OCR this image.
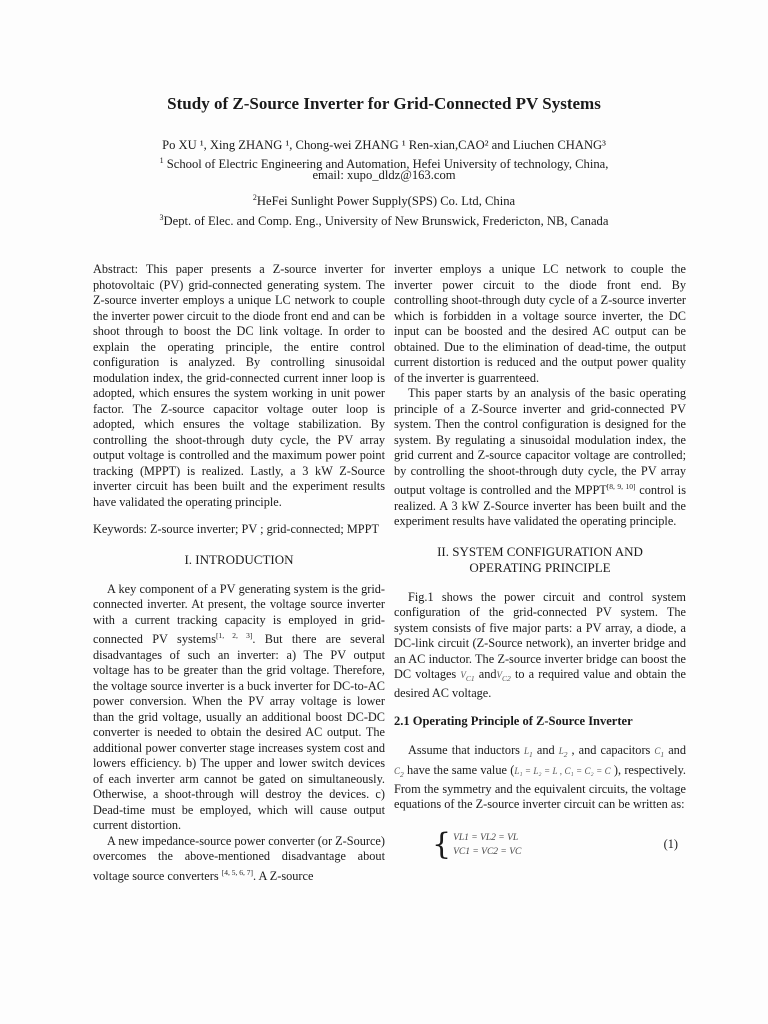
Study of Z-Source Inverter for Grid-Connected PV Systems
Po XU ¹, Xing ZHANG ¹, Chong-wei ZHANG ¹ Ren-xian,CAO² and Liuchen CHANG³
$^1$ School of Electric Engineering and Automation, Hefei University of technology, China,
email: xupo_dldz@163.com
$^2$HeFei Sunlight Power Supply(SPS) Co. Ltd, China
$^3$Dept. of Elec. and Comp. Eng., University of New Brunswick, Fredericton, NB, Canada

Abstract: This paper presents a Z-source inverter for photovoltaic (PV) grid-connected generating system. The Z-source inverter employs a unique LC network to couple the inverter power circuit to the diode front end and can be shoot through to boost the DC link voltage. In order to explain the operating principle, the entire control configuration is analyzed. By controlling sinusoidal modulation index, the grid-connected current inner loop is adopted, which ensures the system working in unit power factor. The Z-source capacitor voltage outer loop is adopted, which ensures the voltage stabilization. By controlling the shoot-through duty cycle, the PV array output voltage is controlled and the maximum power point tracking (MPPT) is realized. Lastly, a 3 kW Z-Source inverter circuit has been built and the experiment results have validated the operating principle.

Keywords: Z-source inverter; PV ; grid-connected; MPPT

I. INTRODUCTION

A key component of a PV generating system is the grid-connected inverter. At present, the voltage source inverter with a current tracking capacity is employed in grid-connected PV systems[1, 2, 3]. But there are several disadvantages of such an inverter: a) The PV output voltage has to be greater than the grid voltage. Therefore, the voltage source inverter is a buck inverter for DC-to-AC power conversion. When the PV array voltage is lower than the grid voltage, usually an additional boost DC-DC converter is needed to obtain the desired AC output. The additional power converter stage increases system cost and lowers efficiency. b) The upper and lower switch devices of each inverter arm cannot be gated on simultaneously. Otherwise, a shoot-through will destroy the devices. c) Dead-time must be employed, which will cause output current distortion.

A new impedance-source power converter (or Z-Source) overcomes the above-mentioned disadvantage about voltage source converters [4, 5, 6, 7]. A Z-source

inverter employs a unique LC network to couple the inverter power circuit to the diode front end. By controlling shoot-through duty cycle of a Z-source inverter which is forbidden in a voltage source inverter, the DC input can be boosted and the desired AC output can be obtained. Due to the elimination of dead-time, the output current distortion is reduced and the output power quality of the inverter is guarrenteed.

This paper starts by an analysis of the basic operating principle of a Z-Source inverter and grid-connected PV system. Then the control configuration is designed for the system. By regulating a sinusoidal modulation index, the grid current and Z-source capacitor voltage are controlled; by controlling the shoot-through duty cycle, the PV array output voltage is controlled and the MPPT[8, 9, 10] control is realized. A 3 kW Z-Source inverter has been built and the experiment results have validated the operating principle.

II. SYSTEM CONFIGURATION AND
OPERATING PRINCIPLE

Fig.1 shows the power circuit and control system configuration of the grid-connected PV system. The system consists of five major parts: a PV array, a diode, a DC-link circuit (Z-Source network), an inverter bridge and an AC inductor. The Z-source inverter bridge can boost the DC voltages $V_{C1}$ andV$_{C2}$ to a required value and obtain the desired AC voltage.

2.1 Operating Principle of Z-Source Inverter

Assume that inductors $L_1$ and $L_2$ , and capacitors $C_1$ and $C_2$ have the same value (L₁ = L₂ = L , C₁ = C₂ = C ), respectively. From the symmetry and the equivalent circuits, the voltage equations of the Z-source inverter circuit can be written as:

{ VL1 = VL2 = VL
VC1 = VC2 = VC
(1)
